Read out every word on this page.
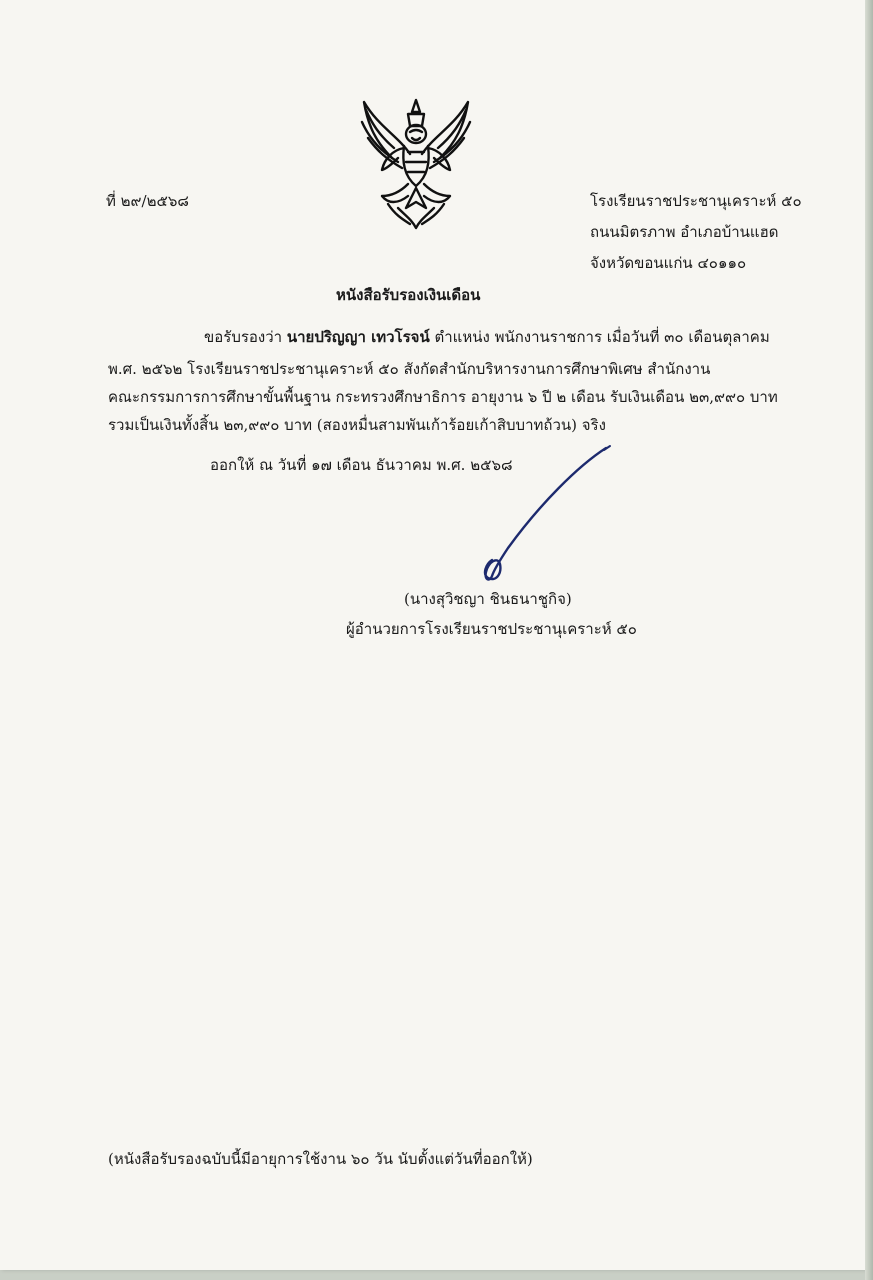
ที่ ๒๙/๒๕๖๘	โรงเรียนราชประชานุเคราะห์ ๕๐
ถนนมิตรภาพ อำเภอบ้านแฮด
จังหวัดขอนแก่น ๔๐๑๑๐
หนังสือรับรองเงินเดือน
ขอรับรองว่า นายปริญญา เทวโรจน์ ตำแหน่ง พนักงานราชการ เมื่อวันที่ ๓๐ เดือนตุลาคม
พ.ศ. ๒๕๖๒ โรงเรียนราชประชานุเคราะห์ ๕๐ สังกัดสำนักบริหารงานการศึกษาพิเศษ สำนักงาน
คณะกรรมการการศึกษาขั้นพื้นฐาน กระทรวงศึกษาธิการ อายุงาน ๖ ปี ๒ เดือน รับเงินเดือน ๒๓,๙๙๐ บาท
รวมเป็นเงินทั้งสิ้น ๒๓,๙๙๐ บาท (สองหมื่นสามพันเก้าร้อยเก้าสิบบาทถ้วน) จริง
ออกให้ ณ วันที่ ๑๗ เดือน ธันวาคม พ.ศ. ๒๕๖๘
(นางสุวิชญา ชินธนาชูกิจ)
ผู้อำนวยการโรงเรียนราชประชานุเคราะห์ ๕๐
(หนังสือรับรองฉบับนี้มีอายุการใช้งาน ๖๐ วัน นับตั้งแต่วันที่ออกให้)
